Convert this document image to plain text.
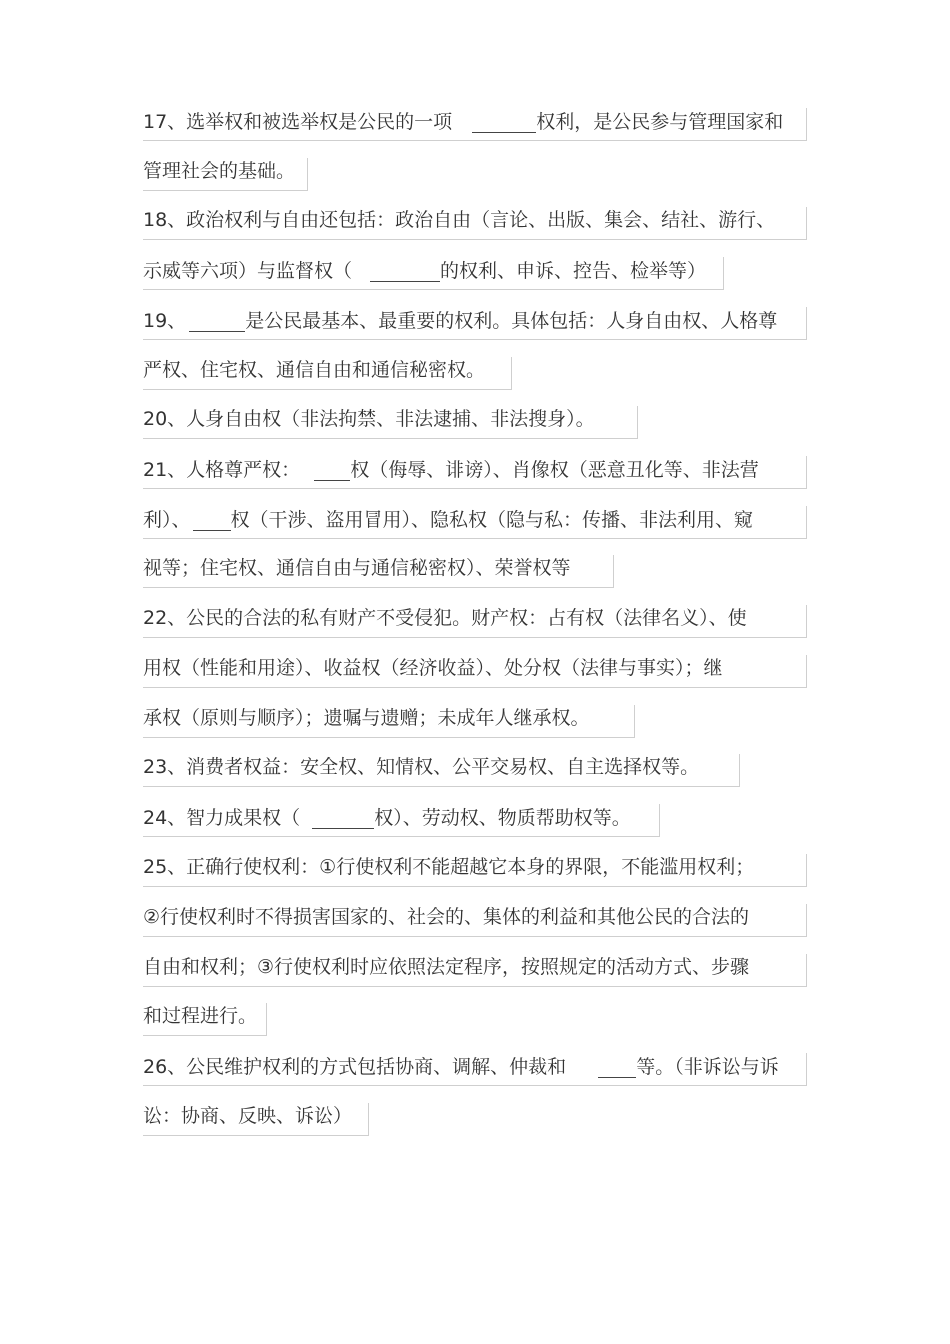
17、选举权和被选举权是公民的一项	权利，是公民参与管理国家和
管理社会的基础。
18、政治权利与自由还包括：政治自由（言论、出版、集会、结社、游行、
示威等六项）与监督权（	的权利、申诉、控告、检举等）
19、	是公民最基本、最重要的权利。具体包括：人身自由权、人格尊
严权、住宅权、通信自由和通信秘密权。
20、人身自由权（非法拘禁、非法逮捕、非法搜身）。
21、人格尊严权：	权（侮辱、诽谤）、肖像权（恶意丑化等、非法营
利）、 权（干涉、盗用冒用）、隐私权（隐与私：传播、非法利用、窥
视等；住宅权、通信自由与通信秘密权）、荣誉权等
22、公民的合法的私有财产不受侵犯。财产权：占有权（法律名义）、使
用权（性能和用途）、收益权（经济收益）、处分权（法律与事实）；继
承权（原则与顺序）；遗嘱与遗赠；未成年人继承权。
23、消费者权益：安全权、知情权、公平交易权、自主选择权等。
24、智力成果权（	权）、劳动权、物质帮助权等。
25、正确行使权利：①行使权利不能超越它本身的界限，不能滥用权利；
②行使权利时不得损害国家的、社会的、集体的利益和其他公民的合法的
自由和权利；③行使权利时应依照法定程序，按照规定的活动方式、步骤
和过程进行。
26、公民维护权利的方式包括协商、调解、仲裁和	等。（非诉讼与诉
讼：协商、反映、诉讼）
